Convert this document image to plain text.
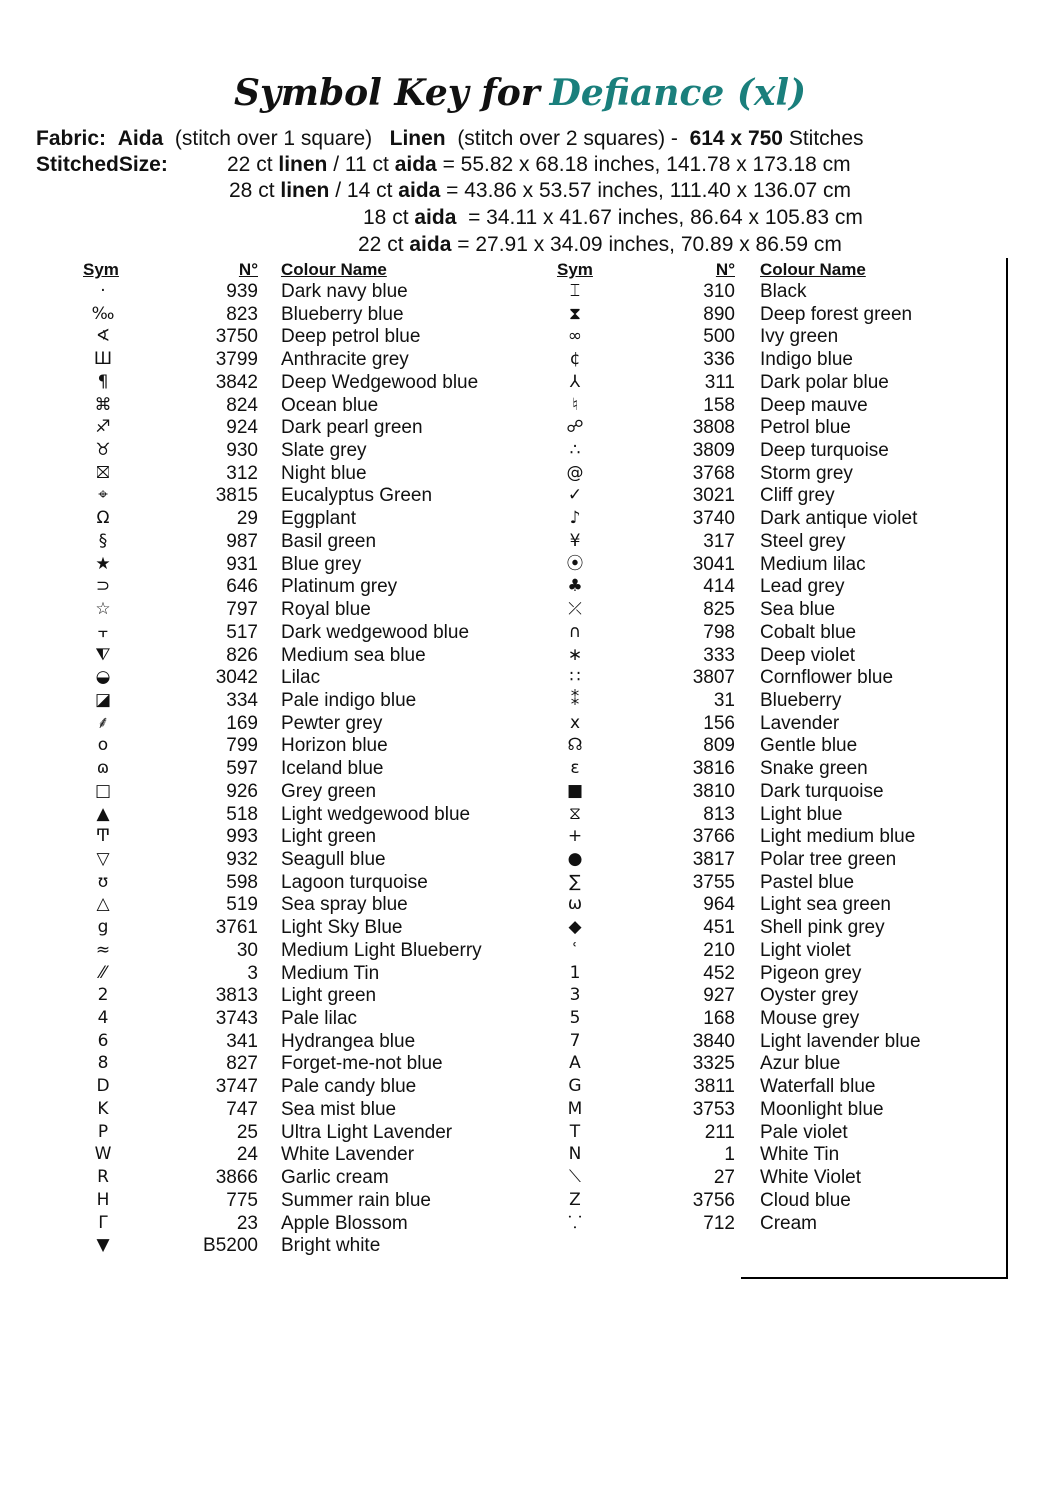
Symbol Key for Defiance (xl)
Fabric: Aida (stitch over 1 square) Linen (stitch over 2 squares) - 614 x 750 Stitches
StitchedSize:	22 ct linen / 11 ct aida = 55.82 x 68.18 inches, 141.78 x 173.18 cm
28 ct linen / 14 ct aida = 43.86 x 53.57 inches, 111.40 x 136.07 cm
18 ct aida  = 34.11 x 41.67 inches, 86.64 x 105.83 cm
22 ct aida = 27.91 x 34.09 inches, 70.89 x 86.59 cm
Sym	N° Colour Name	Sym	N° Colour Name
·	939 Dark navy blue
‰	823 Blueberry blue
∢	3750 Deep petrol blue
Ш	3799 Anthracite grey
¶	3842 Deep Wedgewood blue
⌘	824 Ocean blue
♐	924 Dark pearl green
♉	930 Slate grey
⛝	312 Night blue
⌖	3815 Eucalyptus Green
Ω	29 Eggplant
§	987 Basil green
★	931 Blue grey
⊃	646 Platinum grey
☆	797 Royal blue
⫟	517 Dark wedgewood blue
⧨	826 Medium sea blue
◒	3042 Lilac
◪	334 Pale indigo blue
⸙	169 Pewter grey
o	799 Horizon blue
ɷ	597 Iceland blue
□	926 Grey green
▲	518 Light wedgewood blue
Ͳ	993 Light green
▽	932 Seagull blue
ʊ	598 Lagoon turquoise
△	519 Sea spray blue
g	3761 Light Sky Blue
≈	30 Medium Light Blueberry
⁄⁄	3 Medium Tin
2	3813 Light green
4	3743 Pale lilac
6	341 Hydrangea blue
8	827 Forget-me-not blue
D	3747 Pale candy blue
K	747 Sea mist blue
P	25 Ultra Light Lavender
W	24 White Lavender
R	3866 Garlic cream
H	775 Summer rain blue
Γ	23 Apple Blossom
▼	B5200 Bright white
⌶	310 Black
⧗	890 Deep forest green
∞	500 Ivy green
¢	336 Indigo blue
⅄	311 Dark polar blue
♮	158 Deep mauve
☍	3808 Petrol blue
∴	3809 Deep turquoise
@	3768 Storm grey
✓	3021 Cliff grey
♪	3740 Dark antique violet
¥	317 Steel grey
⦿	3041 Medium lilac
♣	414 Lead grey
⤫	825 Sea blue
∩	798 Cobalt blue
∗	333 Deep violet
∷	3807 Cornflower blue
⁑	31 Blueberry
x	156 Lavender
☊	809 Gentle blue
ɛ	3816 Snake green
■	3810 Dark turquoise
⧖	813 Light blue
+	3766 Light medium blue
●	3817 Polar tree green
∑	3755 Pastel blue
ω	964 Light sea green
◆	451 Shell pink grey
ʿ	210 Light violet
1	452 Pigeon grey
3	927 Oyster grey
5	168 Mouse grey
7	3840 Light lavender blue
A	3325 Azur blue
G	3811 Waterfall blue
M	3753 Moonlight blue
T	211 Pale violet
N	1 White Tin
⟍	27 White Violet
Z	3756 Cloud blue
⸪	712 Cream
